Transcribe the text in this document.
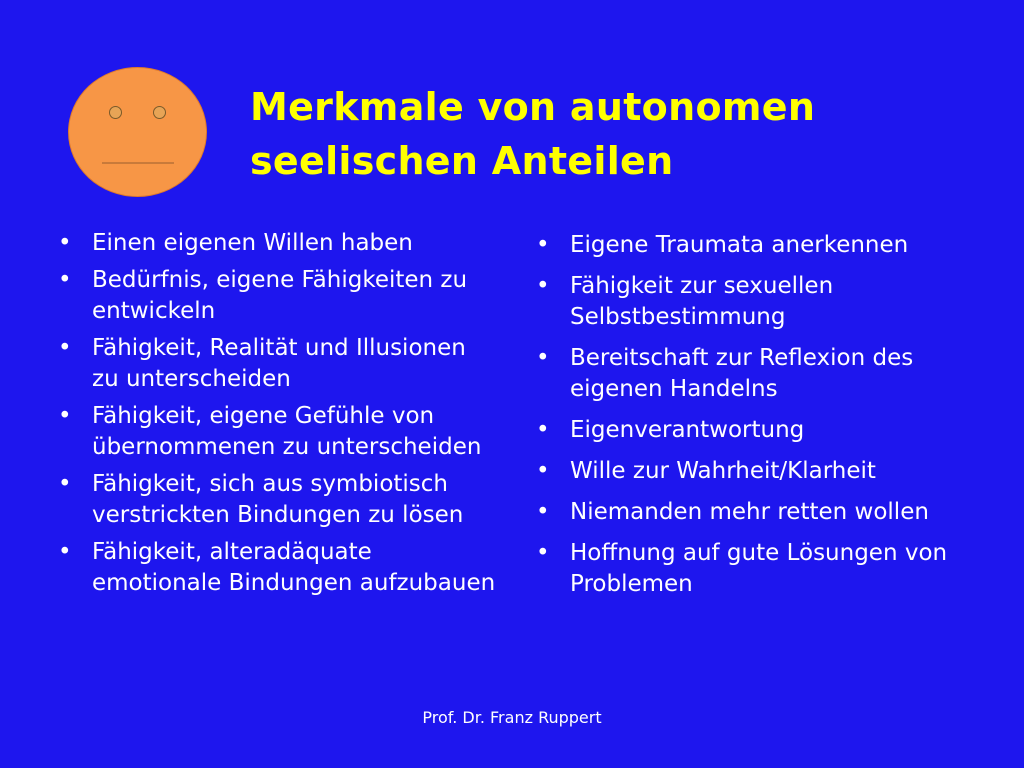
Merkmale von autonomen
seelischen Anteilen
• Einen eigenen Willen haben
• Bedürfnis, eigene Fähigkeiten zu entwickeln
• Fähigkeit, Realität und Illusionen zu unterscheiden
• Fähigkeit, eigene Gefühle von übernommenen zu unterscheiden
• Fähigkeit, sich aus symbiotisch verstrickten Bindungen zu lösen
• Fähigkeit, alteradäquate emotionale Bindungen aufzubauen
• Eigene Traumata anerkennen
• Fähigkeit zur sexuellen Selbstbestimmung
• Bereitschaft zur Reflexion des eigenen Handelns
• Eigenverantwortung
• Wille zur Wahrheit/Klarheit
• Niemanden mehr retten wollen
• Hoffnung auf gute Lösungen von Problemen
Prof. Dr. Franz Ruppert
